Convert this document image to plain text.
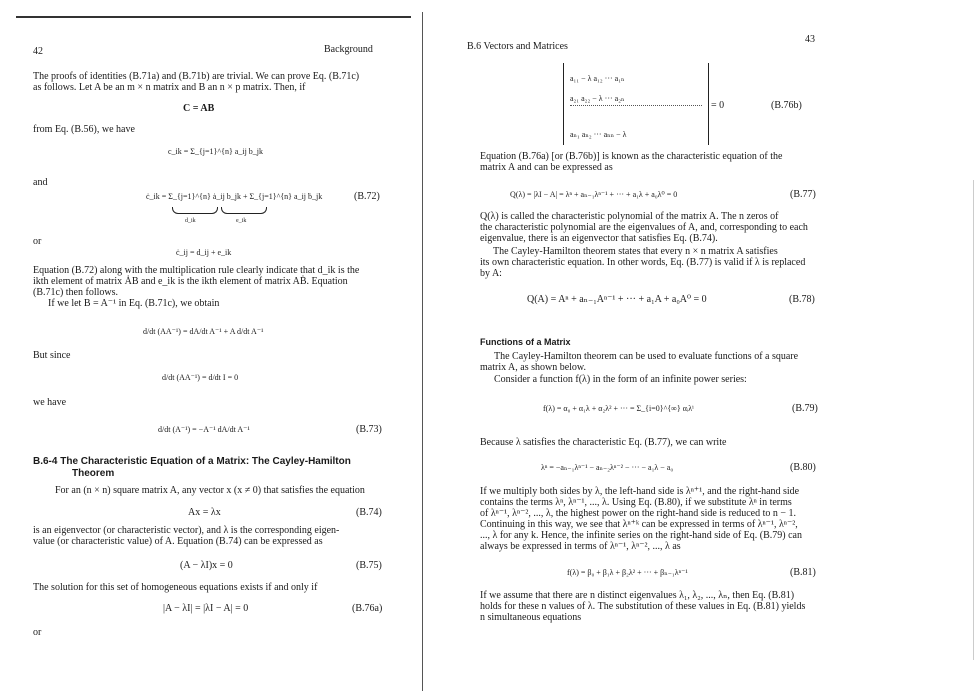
42	Background
The proofs of identities (B.71a) and (B.71b) are trivial. We can prove Eq. (B.71c)
as follows. Let A be an m × n matrix and B an n × p matrix. Then, if
C = AB
from Eq. (B.56), we have
c_ik = Σ_{j=1}^{n} a_ij b_jk
and
ċ_ik = Σ_{j=1}^{n} ȧ_ij b_jk + Σ_{j=1}^{n} a_ij ḃ_jk
d_ik	e_ik
(B.72)
or
ċ_ij = d_ij + e_ik
Equation (B.72) along with the multiplication rule clearly indicate that d_ik is the
ikth element of matrix ȦB and e_ik is the ikth element of matrix AḂ. Equation
(B.71c) then follows.
If we let B = A⁻¹ in Eq. (B.71c), we obtain
d/dt (AA⁻¹) = dA/dt A⁻¹ + A d/dt A⁻¹
But since
d/dt (AA⁻¹) = d/dt I = 0
we have
d/dt (A⁻¹) = −A⁻¹ dA/dt A⁻¹	(B.73)
B.6-4 The Characteristic Equation of a Matrix: The Cayley-Hamilton
Theorem
For an (n × n) square matrix A, any vector x (x ≠ 0) that satisfies the equation
Ax = λx	(B.74)
is an eigenvector (or characteristic vector), and λ is the corresponding eigen-
value (or characteristic value) of A. Equation (B.74) can be expressed as
(A − λI)x = 0	(B.75)
The solution for this set of homogeneous equations exists if and only if
|A − λI| = |λI − A| = 0	(B.76a)
or
43
B.6 Vectors and Matrices
a₁₁ − λ a₁₂ ··· a₁ₙ
a₂₁ a₂₂ − λ ··· a₂ₙ
aₙ₁ aₙ₂ ··· aₙₙ − λ
= 0	(B.76b)
Equation (B.76a) [or (B.76b)] is known as the characteristic equation of the
matrix A and can be expressed as
Q(λ) = |λI − A| = λⁿ + aₙ₋₁λⁿ⁻¹ + ··· + a₁λ + a₀λ⁰ = 0	(B.77)
Q(λ) is called the characteristic polynomial of the matrix A. The n zeros of
the characteristic polynomial are the eigenvalues of A, and, corresponding to each
eigenvalue, there is an eigenvector that satisfies Eq. (B.74).
The Cayley-Hamilton theorem states that every n × n matrix A satisfies
its own characteristic equation. In other words, Eq. (B.77) is valid if λ is replaced
by A:
Q(A) = Aⁿ + aₙ₋₁Aⁿ⁻¹ + ··· + a₁A + a₀A⁰ = 0	(B.78)
Functions of a Matrix
The Cayley-Hamilton theorem can be used to evaluate functions of a square
matrix A, as shown below.
Consider a function f(λ) in the form of an infinite power series:
f(λ) = α₀ + α₁λ + α₂λ² + ··· = Σ_{i=0}^{∞} αᵢλⁱ	(B.79)
Because λ satisfies the characteristic Eq. (B.77), we can write
λⁿ = −aₙ₋₁λⁿ⁻¹ − aₙ₋₂λⁿ⁻² − ··· − a₁λ − a₀	(B.80)
If we multiply both sides by λ, the left-hand side is λⁿ⁺¹, and the right-hand side
contains the terms λⁿ, λⁿ⁻¹, ..., λ. Using Eq. (B.80), if we substitute λⁿ in terms
of λⁿ⁻¹, λⁿ⁻², ..., λ, the highest power on the right-hand side is reduced to n − 1.
Continuing in this way, we see that λⁿ⁺ᵏ can be expressed in terms of λⁿ⁻¹, λⁿ⁻²,
..., λ for any k. Hence, the infinite series on the right-hand side of Eq. (B.79) can
always be expressed in terms of λⁿ⁻¹, λⁿ⁻², ..., λ as
f(λ) = β₀ + β₁λ + β₂λ² + ··· + βₙ₋₁λⁿ⁻¹	(B.81)
If we assume that there are n distinct eigenvalues λ₁, λ₂, ..., λₙ, then Eq. (B.81)
holds for these n values of λ. The substitution of these values in Eq. (B.81) yields
n simultaneous equations
